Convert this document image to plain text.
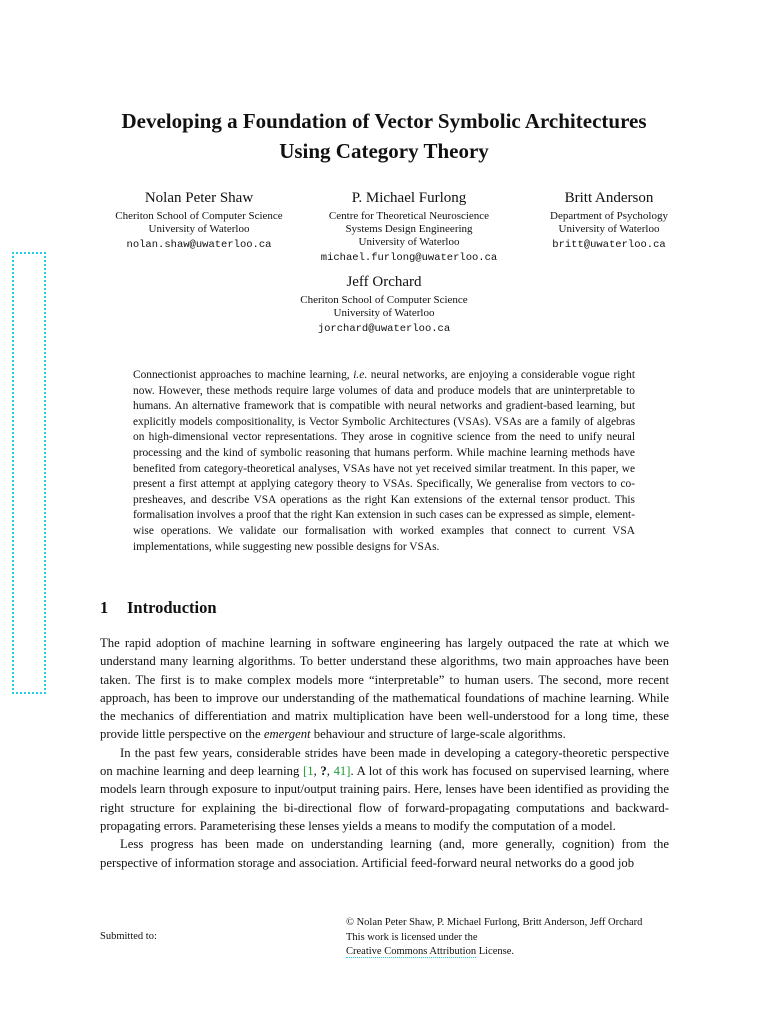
Developing a Foundation of Vector Symbolic Architectures
Using Category Theory
Nolan Peter Shaw
Cheriton School of Computer Science
University of Waterloo
nolan.shaw@uwaterloo.ca
P. Michael Furlong
Centre for Theoretical Neuroscience
Systems Design Engineering
University of Waterloo
michael.furlong@uwaterloo.ca
Britt Anderson
Department of Psychology
University of Waterloo
britt@uwaterloo.ca
Jeff Orchard
Cheriton School of Computer Science
University of Waterloo
jorchard@uwaterloo.ca
Connectionist approaches to machine learning, i.e. neural networks, are enjoying a considerable vogue right now. However, these methods require large volumes of data and produce models that are uninterpretable to humans. An alternative framework that is compatible with neural networks and gradient-based learning, but explicitly models compositionality, is Vector Symbolic Architectures (VSAs). VSAs are a family of algebras on high-dimensional vector representations. They arose in cognitive science from the need to unify neural processing and the kind of symbolic reasoning that humans perform. While machine learning methods have benefited from category-theoretical analyses, VSAs have not yet received similar treatment. In this paper, we present a first attempt at applying category theory to VSAs. Specifically, We generalise from vectors to co-presheaves, and describe VSA operations as the right Kan extensions of the external tensor product. This formalisation involves a proof that the right Kan extension in such cases can be expressed as simple, element-wise operations. We validate our formalisation with worked examples that connect to current VSA implementations, while suggesting new possible designs for VSAs.
1 Introduction

The rapid adoption of machine learning in software engineering has largely outpaced the rate at which we understand many learning algorithms. To better understand these algorithms, two main approaches have been taken. The first is to make complex models more “interpretable” to human users. The second, more recent approach, has been to improve our understanding of the mathematical foundations of machine learning. While the mechanics of differentiation and matrix multiplication have been well-understood for a long time, these provide little perspective on the emergent behaviour and structure of large-scale algorithms.

In the past few years, considerable strides have been made in developing a category-theoretic perspective on machine learning and deep learning [1, ?, 41]. A lot of this work has focused on supervised learning, where models learn through exposure to input/output training pairs. Here, lenses have been identified as providing the right structure for explaining the bi-directional flow of forward-propagating computations and backward-propagating errors. Parameterising these lenses yields a means to modify the computation of a model.

Less progress has been made on understanding learning (and, more generally, cognition) from the perspective of information storage and association. Artificial feed-forward neural networks do a good job

Submitted to:
© Nolan Peter Shaw, P. Michael Furlong, Britt Anderson, Jeff Orchard
This work is licensed under the
Creative Commons Attribution License.
